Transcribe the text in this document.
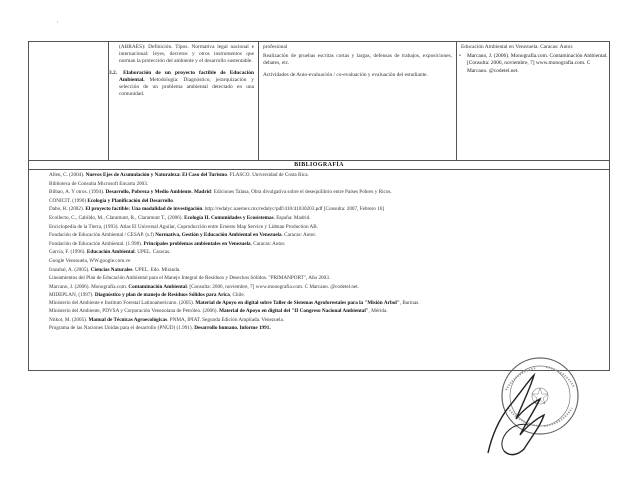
'
(ABRAES): Definición. Tipos. Normativa legal nacional e internacional: leyes, decretos y otros instrumentos que norman la protección del ambiente y el desarrollo sustentable.
3.2. Elaboración de un proyecto factible de Educación Ambiental. Metodología: Diagnóstico, jerarquización y selección de un problema ambiental detectado en una comunidad.
profesional
Realización de pruebas escritas cortas y largas, defensas de trabajos, exposiciones, debates, etc.
Actividades de Auto-evaluación / co-evaluación y evaluación del estudiante.
Educación Ambiental en Venezuela. Caracas: Autor.
• Marcano, J. (2006). Monografía.com. Contaminación Ambiental. [Consulta: 2006, noviembre, 7] www.monografia.com. C Marcano. @codetel.net.
BIBLIOGRAFÍA
• Allen, C. (2004). Nuevos Ejes de Acumulación y Naturaleza: El Caso del Turismo. FLASCO. Universidad de Costa Rica.
• Biblioteca de Consulta Microsoft Encarta 2003.
• Bilbao, A. Y otros. (1994). Desarrollo, Pobreza y Medio Ambiente. Madrid: Ediciones Talasa, Obra divulgativa sobre el desequilibrio entre Países Pobres y Ricos.
• CONICIT. (1990) Ecología y Planificación del Desarrollo.
• Dabo, R. (2002). El proyecto factible: Una modalidad de investigación. http://redalyc.uaemex.mx/redalyc/pdf/410/41030203.pdf [Consulta: 2007, Febrero 16]
• Ecollecto, C., Cabildo, M., Claramunt, R., Claramunt T., (2006). Ecología II. Comunidades y Ecosistemas. España: Madrid.
• Enciclopedia de la Tierra, (1993). Atlas El Universal Aguilar, Coproducción entre Ernesto Map Service y Lidman Production AB.
• Fundación de Educación Ambiental / CESAP. (s.f) Normativa, Gestión y Educación Ambiental en Venezuela. Caracas: Autor.
• Fundación de Educación Ambiental. (1.998). Principales problemas ambientales en Venezuela. Caracas: Autor.
• García, F. (1996). Educación Ambiental. UPEL. Caracas.
• Google Venezuela, WW.google.com.ve
• Irazabal, A. (2005). Ciencias Naturales. UPEL. Edo. Miranda.
• Lineamientos del Plan de Educación Ambiental para el Manejo Integral de Residuos y Desechos Sólidos. "PRIMANPORT", Año 2003.
• Marcano, J. (2006). Monografía.com. Contaminación Ambiental. [Consulta: 2006, noviembre, 7] www.monografia.com. C Marcano. @codetel.net.
• MIDEPLAN, (1997). Diagnóstico y plan de manejo de Residuos Sólidos para Arica, Chile.
• Ministerio del Ambiente e Instituto Forestal Latinoamericano. (2005). Material de Apoyo en digital sobre Taller de Sistemas Agroforestales para la "Misión Árbol", Barinas.
• Ministerio del Ambiente, PDVSA y Corporación Venezolana de Petróleo. (2006). Material de Apoyo en digital del "II Congreso Nacional Ambiental", Mérida.
• Nitkot, M. (2005). Manual de Técnicas Agroecológicas. PNMA, IPIAT. Segunda Edición Ampliada. Venezuela.
• Programa de las Naciones Unidas para el desarrollo (PNUD) (1.991). Desarrollo humano. Informe 1991.
